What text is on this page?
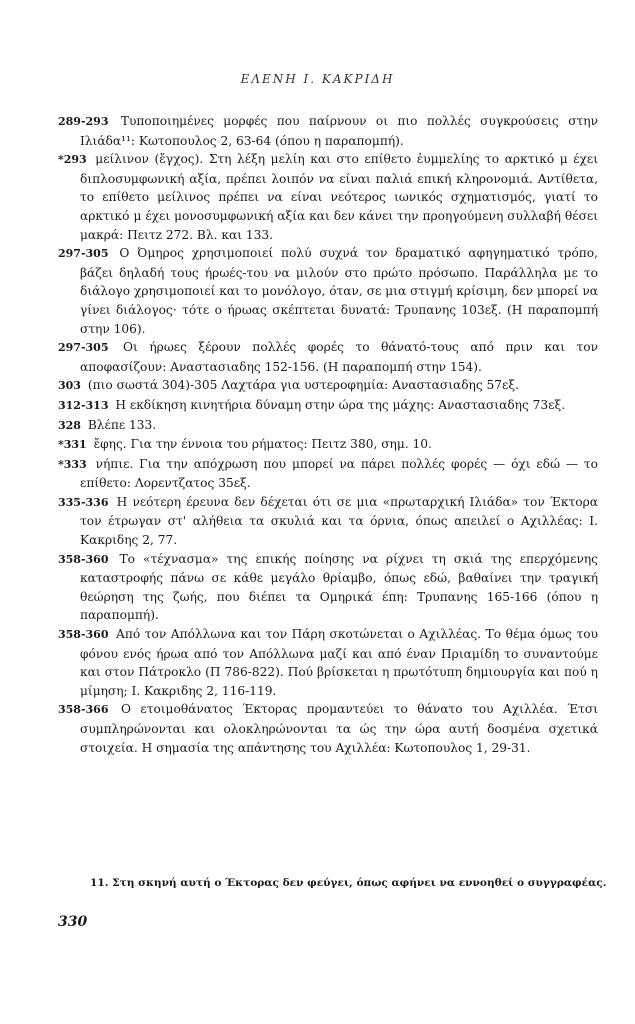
ΕΛΕΝΗ Ι. ΚΑΚΡΙΔΗ

289-293 Τυποποιημένες μορφές που παίρνουν οι πιο πολλές συγκρούσεις στην Ιλιάδα¹¹: Κωτοπουλος 2, 63-64 (όπου η παραπομπή).

*293 μείλινον (ἔγχος). Στη λέξη μελίη και στο επίθετο ἐυμμελίης το αρκτικό μ έχει διπλοσυμφωνική αξία, πρέπει λοιπόν να είναι παλιά επική κληρονομιά. Αντίθετα, το επίθετο μείλινος πρέπει να είναι νεότερος ιωνικός σχηματισμός, γιατί το αρκτικό μ έχει μονοσυμφωνική αξία και δεν κάνει την προηγούμενη συλλαβή θέσει μακρά: Πειτz 272. Βλ. και 133.

297-305 Ο Όμηρος χρησιμοποιεί πολύ συχνά τον δραματικό αφηγηματικό τρόπο, βάζει δηλαδή τους ήρωές-του να μιλούν στο πρώτο πρόσωπο. Παράλληλα με το διάλογο χρησιμοποιεί και το μονόλογο, όταν, σε μια στιγμή κρίσιμη, δεν μπορεί να γίνει διάλογος· τότε ο ήρωας σκέπτεται δυνατά: Τρυπανης 103εξ. (Η παραπομπή στην 106).

297-305 Οι ήρωες ξέρουν πολλές φορές το θάνατό-τους από πριν και τον αποφασίζουν: Αναστασιαδης 152-156. (Η παραπομπή στην 154).

303 (πιο σωστά 304)-305 Λαχτάρα για υστεροφημία: Αναστασιαδης 57εξ.

312-313 Η εκδίκηση κινητήρια δύναμη στην ώρα της μάχης: Αναστασιαδης 73εξ.

328 Βλέπε 133.

*331 ἔφης. Για την έννοια του ρήματος: Πειτz 380, σημ. 10.

*333 νήπιε. Για την απόχρωση που μπορεί να πάρει πολλές φορές — όχι εδώ — το επίθετο: Λορεντζατος 35εξ.

335-336 Η νεότερη έρευνα δεν δέχεται ότι σε μια «πρωταρχική Ιλιάδα» τον Έκτορα τον έτρωγαν στ' αλήθεια τα σκυλιά και τα όρνια, όπως απειλεί ο Αχιλλέας: Ι. Κακριδης 2, 77.

358-360 Το «τέχνασμα» της επικής ποίησης να ρίχνει τη σκιά της επερχόμενης καταστροφής πάνω σε κάθε μεγάλο θρίαμβο, όπως εδώ, βαθαίνει την τραγική θεώρηση της ζωής, που διέπει τα Ομηρικά έπη: Τρυπανης 165-166 (όπου η παραπομπή).

358-360 Από τον Απόλλωνα και τον Πάρη σκοτώνεται ο Αχιλλέας. Το θέμα όμως του φόνου ενός ήρωα από τον Απόλλωνα μαζί και από έναν Πριαμίδη το συναντούμε και στον Πάτροκλο (Π 786-822). Πού βρίσκεται η πρωτότυπη δημιουργία και πού η μίμηση; Ι. Κακριδης 2, 116-119.

358-366 Ο ετοιμοθάνατος Έκτορας προμαντεύει το θάνατο του Αχιλλέα. Έτσι συμπληρώνονται και ολοκληρώνονται τα ώς την ώρα αυτή δοσμένα σχετικά στοιχεία. Η σημασία της απάντησης του Αχιλλέα: Κωτοπουλος 1, 29-31.

11. Στη σκηνή αυτή ο Έκτορας δεν φεύγει, όπως αφήνει να εννοηθεί ο συγγραφέας.
330
